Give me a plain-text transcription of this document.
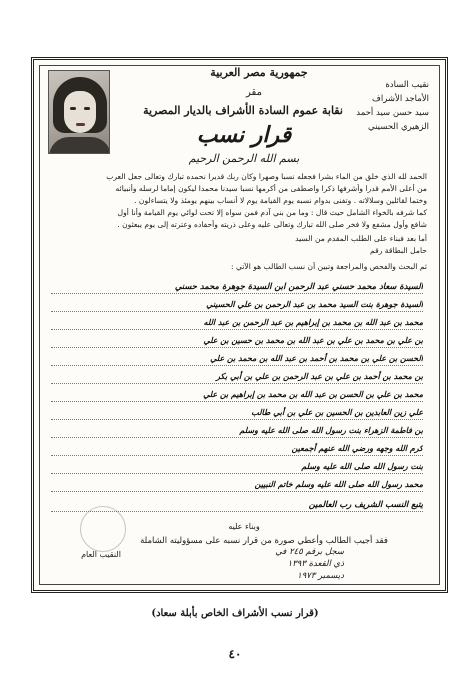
جمهورية مصر العربية
مقر
نقابة عموم السادة الأشراف بالديار المصرية
قرار نسب
نقيب السادة
الأماجد الأشراف
سيد حسن سيد أحمد
الزهيري الحسيني
بسم الله الرحمن الرحيم
الحمد لله الذي خلق من الماء بشرا فجعله نسبا وصهرا وكان ربك قديرا نحمده تبارك وتعالى جعل العرب
من أعلى الأمم قدرا وأشرفها ذكرا واصطفى من أكرمها نسبا سيدنا محمدا ليكون إماما لرسله وأنبيائه
وختما لقائلين وسلالاته . وتفنى بدوام نسبه يوم القيامة يوم لا أنساب بينهم يومئذ ولا يتساءلون .
كما شرفه بالخواء الشامل حيث قال : وما من بني آدم فمن سواه إلا تحت لوائي يوم القيامة وأنا أول
شافع وأول مشفع ولا فخر صلى الله تبارك وتعالى عليه وعلى ذريته وأحفاده وعترته إلى يوم يبعثون .
أما بعد فبناء على الطلب المقدم من السيد
حامل البطاقة رقم
ثم البحث والفحص والمراجعة وتبين أن نسب الطالب هو الآتي :
السيدة سعاد محمد حسني عبد الرحمن ابن السيدة جوهرة محمد حسني
السيدة جوهرة بنت السيد محمد بن عبد الرحمن بن علي الحسيني
محمد بن عبد الله بن محمد بن إبراهيم بن عبد الرحمن بن عبد الله
بن علي بن محمد بن علي بن عبد الله بن محمد بن حسين بن علي
الحسن بن علي بن محمد بن أحمد بن عبد الله بن محمد بن علي
بن محمد بن أحمد بن علي بن عبد الرحمن بن علي بن أبي بكر
محمد بن علي بن الحسن بن عبد الله بن محمد بن إبراهيم بن علي
علي زين العابدين بن الحسين بن علي بن أبي طالب
بن فاطمة الزهراء بنت رسول الله صلى الله عليه وسلم
كرم الله وجهه ورضي الله عنهم أجمعين
بنت رسول الله صلى الله عليه وسلم
محمد رسول الله صلى الله عليه وسلم خاتم النبيين
يتبع النسب الشريف رب العالمين
وبناء عليه
فقد أجيب الطالب وأعطي صورة من قرار نسبه على مسؤوليته الشاملة
النقيب العام	سجل برقم ٢٤٥ في
ذي القعدة ١٣٩٣
ديسمبر ١٩٧٣
(قرار نسب الأشراف الخاص بأبلة سعاد)
٤٠
